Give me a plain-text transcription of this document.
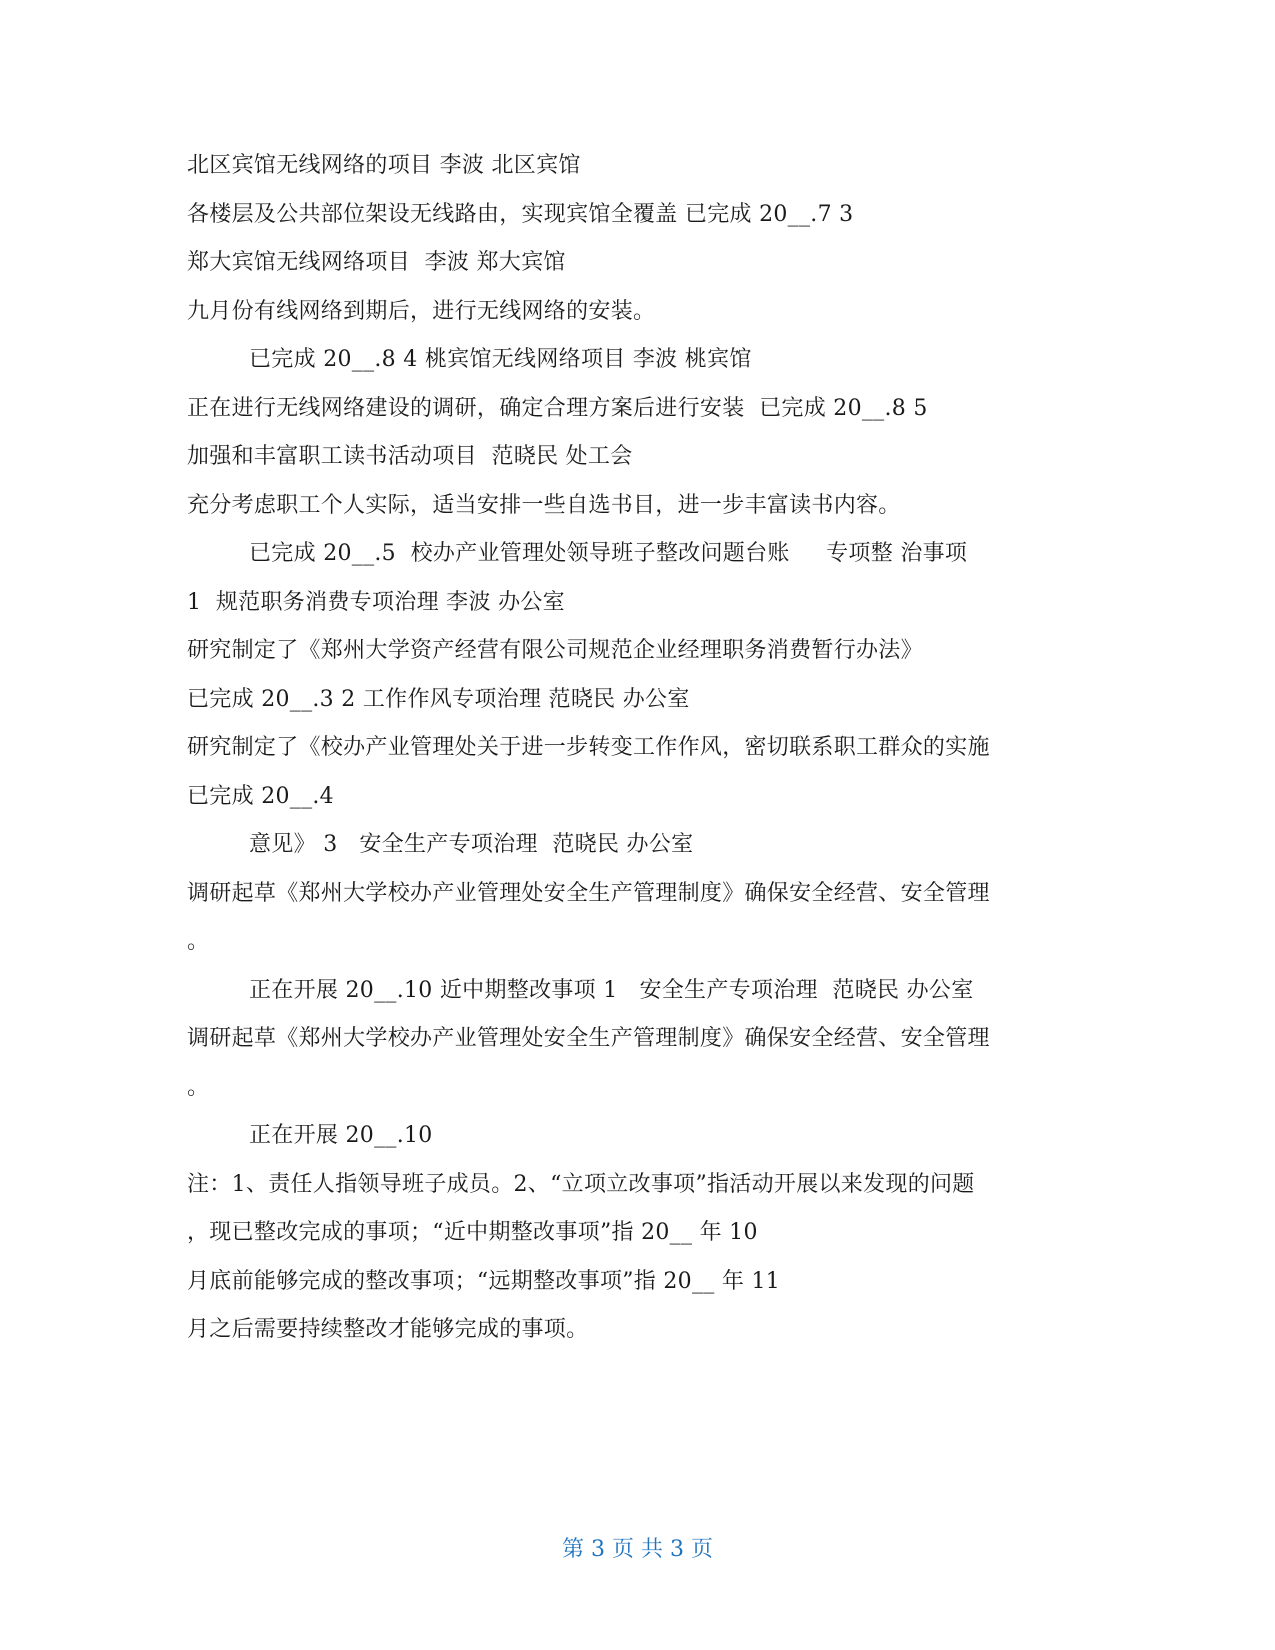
北区宾馆无线网络的项目 李波 北区宾馆
各楼层及公共部位架设无线路由，实现宾馆全覆盖 已完成 20__.7 3
郑大宾馆无线网络项目  李波 郑大宾馆
九月份有线网络到期后，进行无线网络的安装。
已完成 20__.8 4 桃宾馆无线网络项目 李波 桃宾馆
正在进行无线网络建设的调研，确定合理方案后进行安装  已完成 20__.8 5
加强和丰富职工读书活动项目  范晓民 处工会
充分考虑职工个人实际，适当安排一些自选书目，进一步丰富读书内容。
已完成 20__.5  校办产业管理处领导班子整改问题台账     专项整 治事项
1  规范职务消费专项治理 李波 办公室
研究制定了《郑州大学资产经营有限公司规范企业经理职务消费暂行办法》
已完成 20__.3 2 工作作风专项治理 范晓民 办公室
研究制定了《校办产业管理处关于进一步转变工作作风，密切联系职工群众的实施
已完成 20__.4
意见》 3   安全生产专项治理  范晓民 办公室
调研起草《郑州大学校办产业管理处安全生产管理制度》确保安全经营、安全管理
。
正在开展 20__.10 近中期整改事项 1   安全生产专项治理  范晓民 办公室
调研起草《郑州大学校办产业管理处安全生产管理制度》确保安全经营、安全管理
。
正在开展 20__.10
注：1、责任人指领导班子成员。2、“立项立改事项”指活动开展以来发现的问题
，现已整改完成的事项；“近中期整改事项”指 20__ 年 10
月底前能够完成的整改事项；“远期整改事项”指 20__ 年 11
月之后需要持续整改才能够完成的事项。
第 3 页 共 3 页
